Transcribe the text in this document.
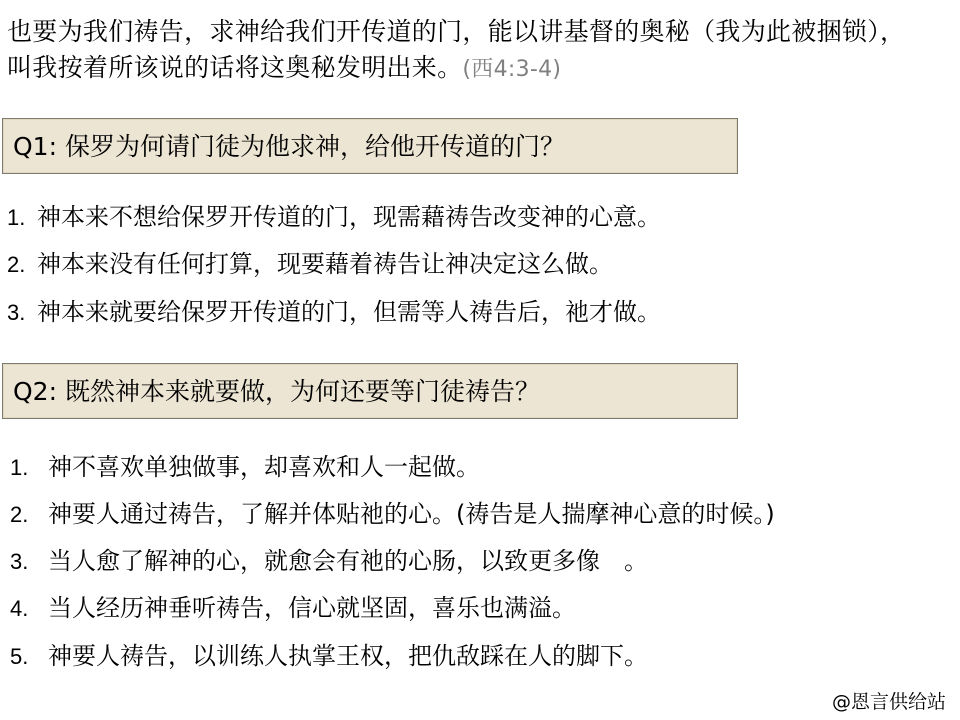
也要为我们祷告，求神给我们开传道的门，能以讲基督的奥秘（我为此被捆锁），
叫我按着所该说的话将这奥秘发明出来。(西4:3-4)
Q1: 保罗为何请门徒为他求神，给他开传道的门？
1. 神本来不想给保罗开传道的门，现需藉祷告改变神的心意。
2. 神本来没有任何打算，现要藉着祷告让神决定这么做。
3. 神本来就要给保罗开传道的门，但需等人祷告后，祂才做。
Q2: 既然神本来就要做，为何还要等门徒祷告？
1. 神不喜欢单独做事，却喜欢和人一起做。
2. 神要人通过祷告，了解并体贴祂的心。(祷告是人揣摩神心意的时候。)
3. 当人愈了解神的心，就愈会有祂的心肠，以致更多像　。
4. 当人经历神垂听祷告，信心就坚固，喜乐也满溢。
5. 神要人祷告，以训练人执掌王权，把仇敌踩在人的脚下。
@恩言供给站
